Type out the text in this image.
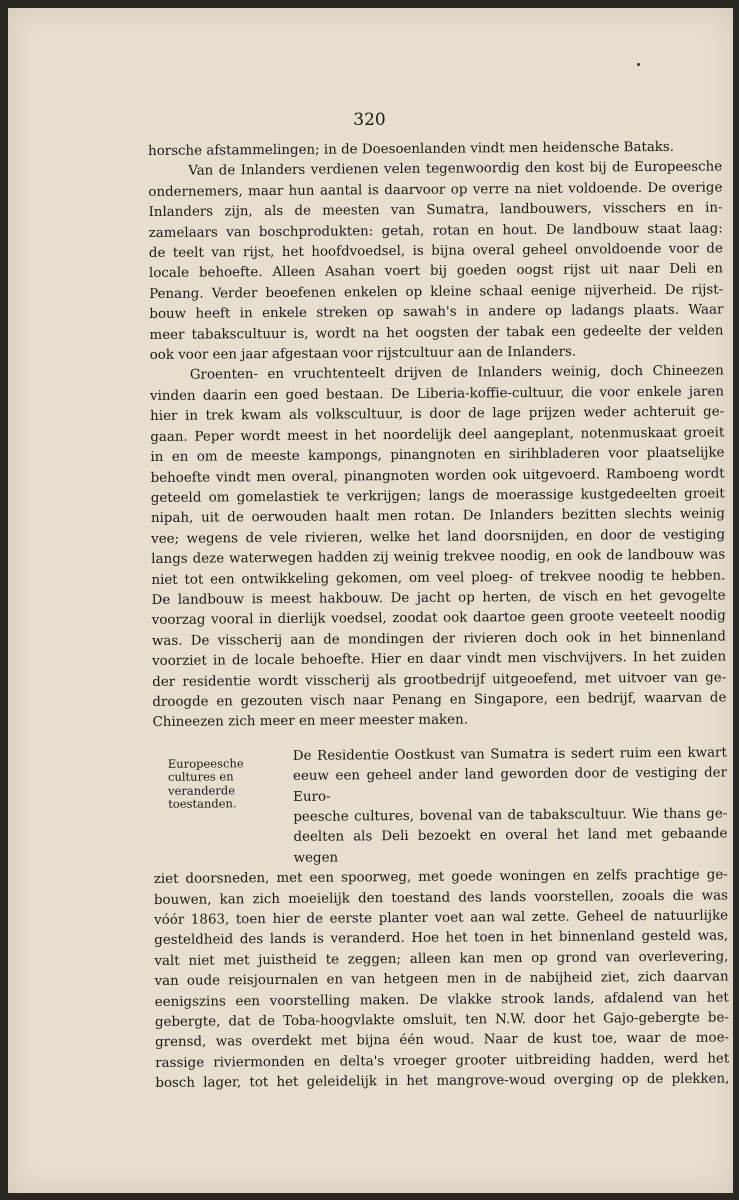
320

horsche afstammelingen; in de Doesoenlanden vindt men heidensche Bataks.

Van de Inlanders verdienen velen tegenwoordig den kost bij de Europeesche

ondernemers, maar hun aantal is daarvoor op verre na niet voldoende. De overige

Inlanders zijn, als de meesten van Sumatra, landbouwers, visschers en in-

zamelaars van boschprodukten: getah, rotan en hout. De landbouw staat laag:

de teelt van rijst, het hoofdvoedsel, is bijna overal geheel onvoldoende voor de

locale behoefte. Alleen Asahan voert bij goeden oogst rijst uit naar Deli en

Penang. Verder beoefenen enkelen op kleine schaal eenige nijverheid. De rijst-

bouw heeft in enkele streken op sawah's in andere op ladangs plaats. Waar

meer tabakscultuur is, wordt na het oogsten der tabak een gedeelte der velden

ook voor een jaar afgestaan voor rijstcultuur aan de Inlanders.

Groenten- en vruchtenteelt drijven de Inlanders weinig, doch Chineezen

vinden daarin een goed bestaan. De Liberia-koffie-cultuur, die voor enkele jaren

hier in trek kwam als volkscultuur, is door de lage prijzen weder achteruit ge-

gaan. Peper wordt meest in het noordelijk deel aangeplant, notenmuskaat groeit

in en om de meeste kampongs, pinangnoten en sirihbladeren voor plaatselijke

behoefte vindt men overal, pinangnoten worden ook uitgevoerd. Ramboeng wordt

geteeld om gomelastiek te verkrijgen; langs de moerassige kustgedeelten groeit

nipah, uit de oerwouden haalt men rotan. De Inlanders bezitten slechts weinig

vee; wegens de vele rivieren, welke het land doorsnijden, en door de vestiging

langs deze waterwegen hadden zij weinig trekvee noodig, en ook de landbouw was

niet tot een ontwikkeling gekomen, om veel ploeg- of trekvee noodig te hebben.

De landbouw is meest hakbouw. De jacht op herten, de visch en het gevogelte

voorzag vooral in dierlijk voedsel, zoodat ook daartoe geen groote veeteelt noodig

was. De visscherij aan de mondingen der rivieren doch ook in het binnenland

voorziet in de locale behoefte. Hier en daar vindt men vischvijvers. In het zuiden

der residentie wordt visscherij als grootbedrijf uitgeoefend, met uitvoer van ge-

droogde en gezouten visch naar Penang en Singapore, een bedrijf, waarvan de

Chineezen zich meer en meer meester maken.

Europeesche
cultures en
veranderde
toestanden.

De Residentie Oostkust van Sumatra is sedert ruim een kwart

eeuw een geheel ander land geworden door de vestiging der Euro-

peesche cultures, bovenal van de tabakscultuur. Wie thans ge-

deelten als Deli bezoekt en overal het land met gebaande wegen

ziet doorsneden, met een spoorweg, met goede woningen en zelfs prachtige ge-

bouwen, kan zich moeielijk den toestand des lands voorstellen, zooals die was

vóór 1863, toen hier de eerste planter voet aan wal zette. Geheel de natuurlijke

gesteldheid des lands is veranderd. Hoe het toen in het binnenland gesteld was,

valt niet met juistheid te zeggen; alleen kan men op grond van overlevering,

van oude reisjournalen en van hetgeen men in de nabijheid ziet, zich daarvan

eenigszins een voorstelling maken. De vlakke strook lands, afdalend van het

gebergte, dat de Toba-hoogvlakte omsluit, ten N.W. door het Gajo-gebergte be-

grensd, was overdekt met bijna één woud. Naar de kust toe, waar de moe-

rassige riviermonden en delta's vroeger grooter uitbreiding hadden, werd het

bosch lager, tot het geleidelijk in het mangrove-woud overging op de plekken,
